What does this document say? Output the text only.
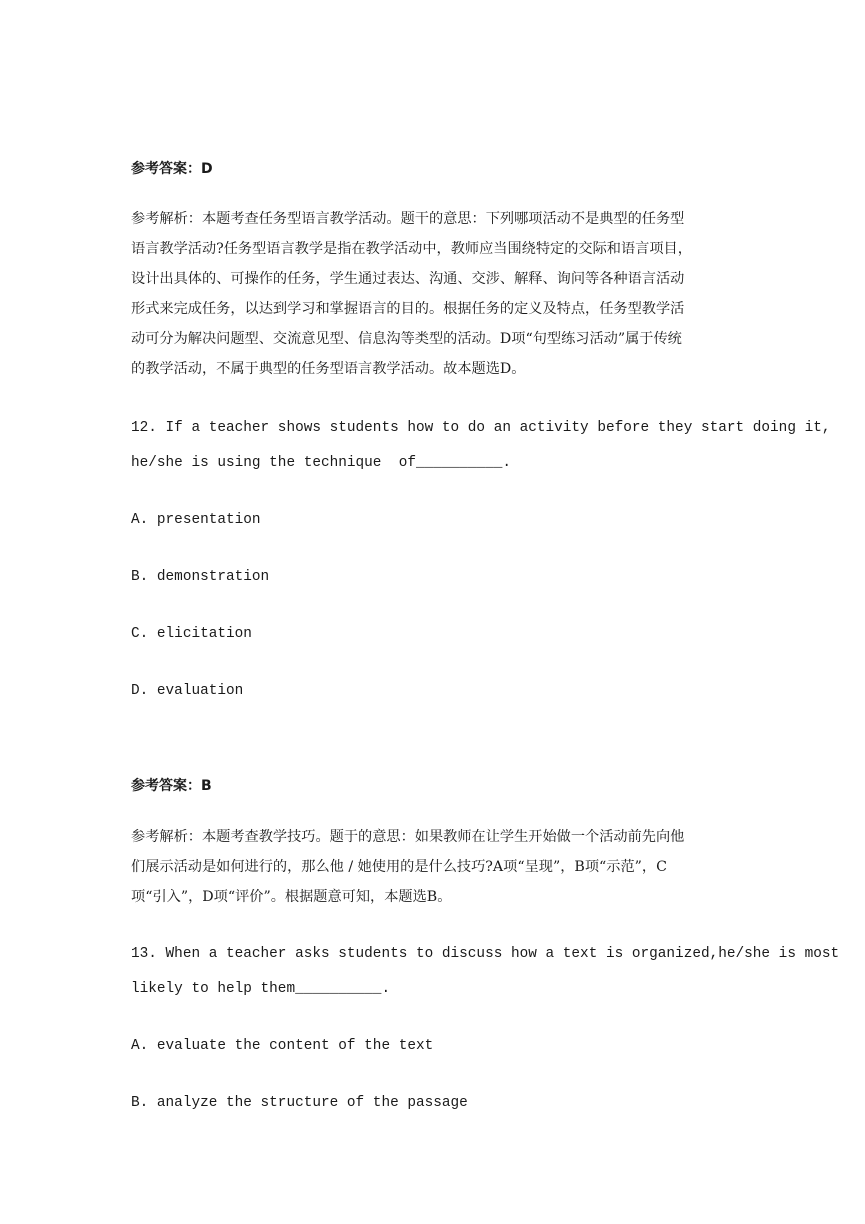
参考答案：D
参考解析：本题考查任务型语言教学活动。题干的意思：下列哪项活动不是典型的任务型
语言教学活动?任务型语言教学是指在教学活动中，教师应当围绕特定的交际和语言项目，
设计出具体的、可操作的任务，学生通过表达、沟通、交涉、解释、询问等各种语言活动
形式来完成任务，以达到学习和掌握语言的目的。根据任务的定义及特点，任务型教学活
动可分为解决问题型、交流意见型、信息沟等类型的活动。D项“句型练习活动”属于传统
的教学活动，不属于典型的任务型语言教学活动。故本题选D。
12. If a teacher shows students how to do an activity before they start doing it,
he/she is using the technique  of__________.
A. presentation
B. demonstration
C. elicitation
D. evaluation
参考答案：B
参考解析：本题考查教学技巧。题于的意思：如果教师在让学生开始做一个活动前先向他
们展示活动是如何进行的，那么他 / 她使用的是什么技巧?A项“呈现”，B项“示范”，C
项“引入”，D项“评价”。根据题意可知，本题选B。
13. When a teacher asks students to discuss how a text is organized,he/she is most
likely to help them__________.
A. evaluate the content of the text
B. analyze the structure of the passage
